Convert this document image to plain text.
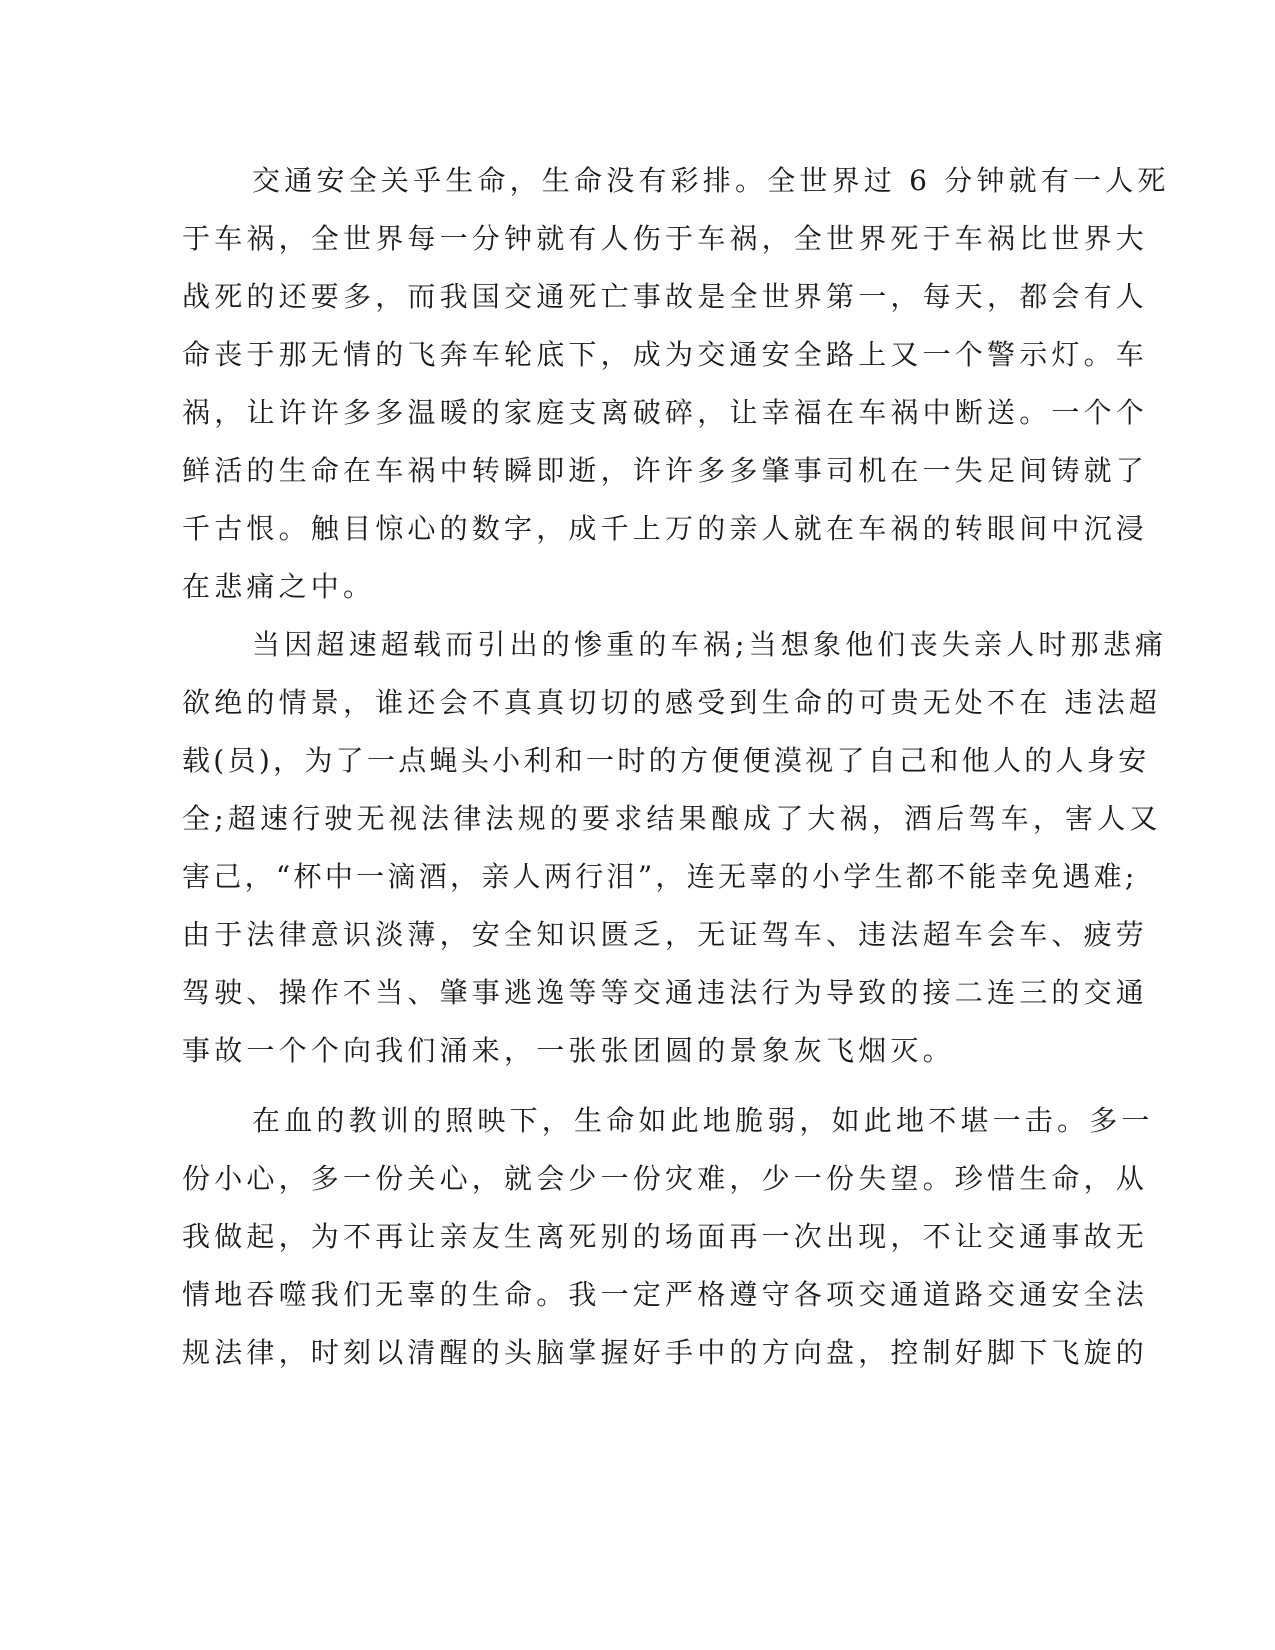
交通安全关乎生命，生命没有彩排。全世界过 6 分钟就有一人死
于车祸，全世界每一分钟就有人伤于车祸，全世界死于车祸比世界大
战死的还要多，而我国交通死亡事故是全世界第一，每天，都会有人
命丧于那无情的飞奔车轮底下，成为交通安全路上又一个警示灯。车
祸，让许许多多温暖的家庭支离破碎，让幸福在车祸中断送。一个个
鲜活的生命在车祸中转瞬即逝，许许多多肇事司机在一失足间铸就了
千古恨。触目惊心的数字，成千上万的亲人就在车祸的转眼间中沉浸
在悲痛之中。
当因超速超载而引出的惨重的车祸;当想象他们丧失亲人时那悲痛
欲绝的情景，谁还会不真真切切的感受到生命的可贵无处不在 违法超
载(员)，为了一点蝇头小利和一时的方便便漠视了自己和他人的人身安
全;超速行驶无视法律法规的要求结果酿成了大祸，酒后驾车，害人又
害己，“杯中一滴酒，亲人两行泪”，连无辜的小学生都不能幸免遇难;
由于法律意识淡薄，安全知识匮乏，无证驾车、违法超车会车、疲劳
驾驶、操作不当、肇事逃逸等等交通违法行为导致的接二连三的交通
事故一个个向我们涌来，一张张团圆的景象灰飞烟灭。
在血的教训的照映下，生命如此地脆弱，如此地不堪一击。多一
份小心，多一份关心，就会少一份灾难，少一份失望。珍惜生命，从
我做起，为不再让亲友生离死别的场面再一次出现，不让交通事故无
情地吞噬我们无辜的生命。我一定严格遵守各项交通道路交通安全法
规法律，时刻以清醒的头脑掌握好手中的方向盘，控制好脚下飞旋的
